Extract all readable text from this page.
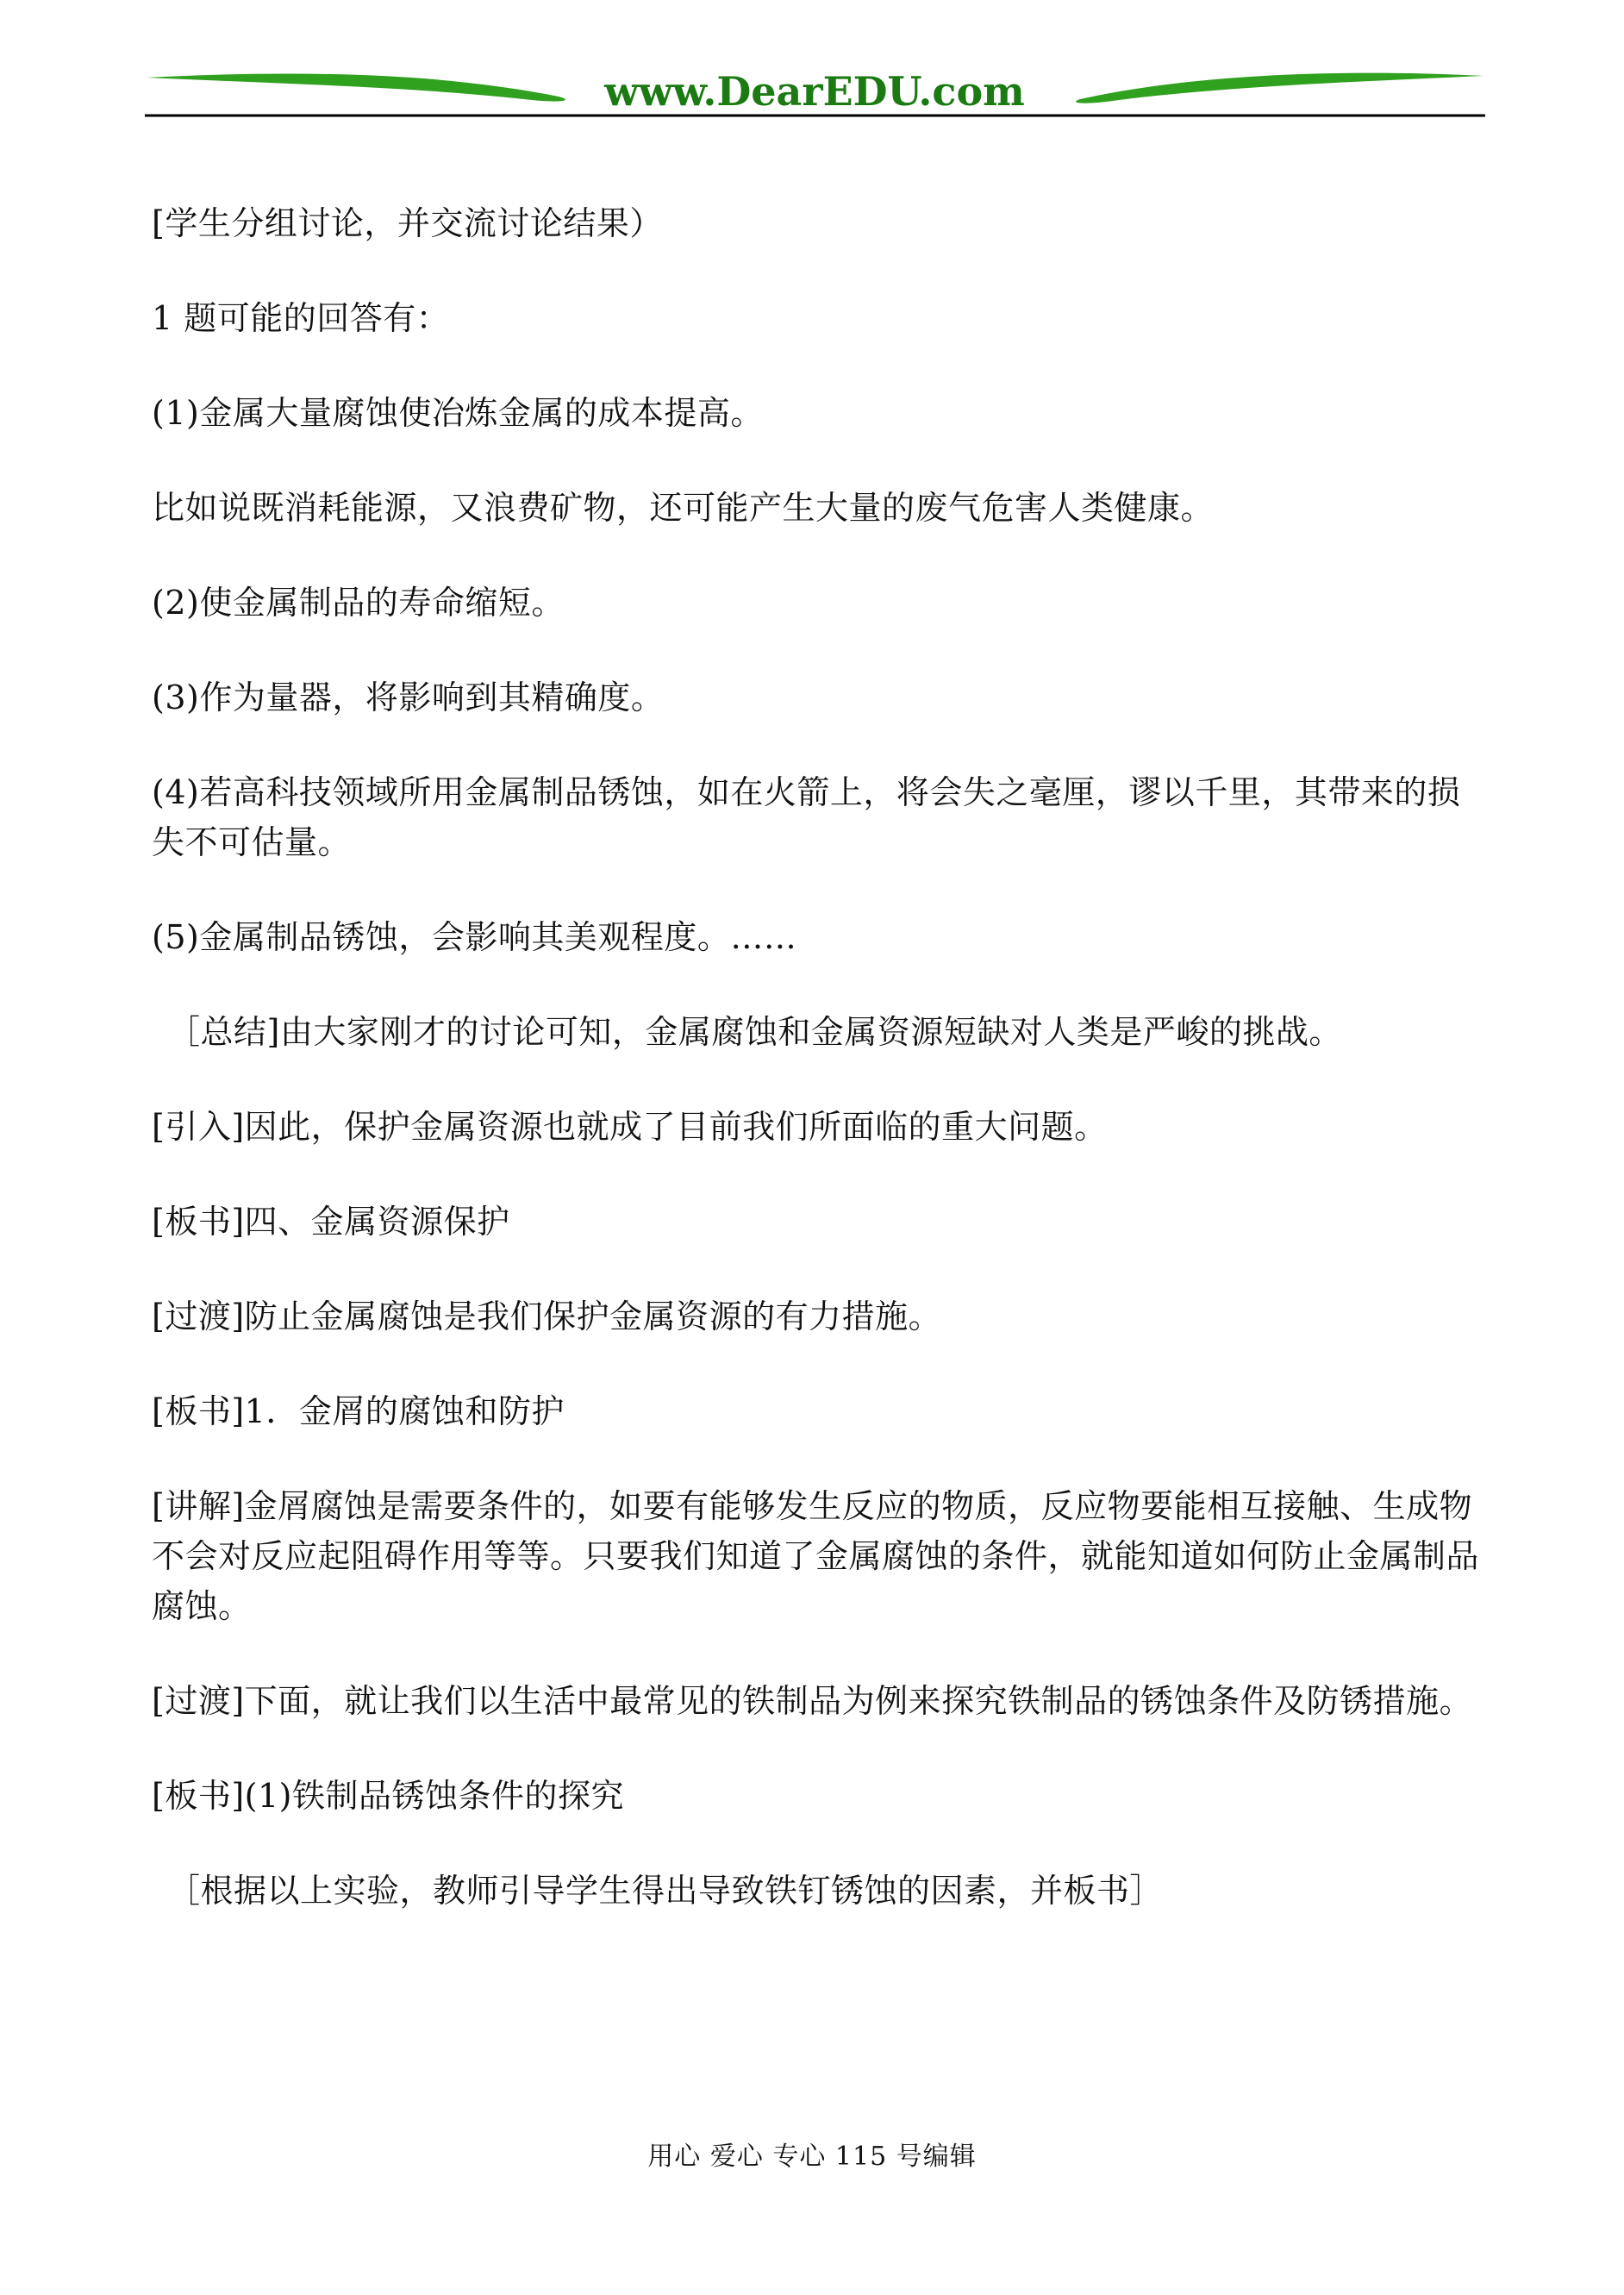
www.DearEDU.com

[学生分组讨论，并交流讨论结果）

1 题可能的回答有：

(1)金属大量腐蚀使冶炼金属的成本提高。

比如说既消耗能源，又浪费矿物，还可能产生大量的废气危害人类健康。

(2)使金属制品的寿命缩短。

(3)作为量器，将影响到其精确度。

(4)若高科技领域所用金属制品锈蚀，如在火箭上，将会失之毫厘，谬以千里，其带来的损失不可估量。

(5)金属制品锈蚀，会影响其美观程度。……

［总结]由大家刚才的讨论可知，金属腐蚀和金属资源短缺对人类是严峻的挑战。

[引入]因此，保护金属资源也就成了目前我们所面临的重大问题。

[板书]四、金属资源保护

[过渡]防止金属腐蚀是我们保护金属资源的有力措施。

[板书]1．金屑的腐蚀和防护

[讲解]金屑腐蚀是需要条件的，如要有能够发生反应的物质，反应物要能相互接触、生成物不会对反应起阻碍作用等等。只要我们知道了金属腐蚀的条件，就能知道如何防止金属制品腐蚀。

[过渡]下面，就让我们以生活中最常见的铁制品为例来探究铁制品的锈蚀条件及防锈措施。

[板书](1)铁制品锈蚀条件的探究

［根据以上实验，教师引导学生得出导致铁钉锈蚀的因素，并板书］

用心 爱心 专心 115 号编辑
